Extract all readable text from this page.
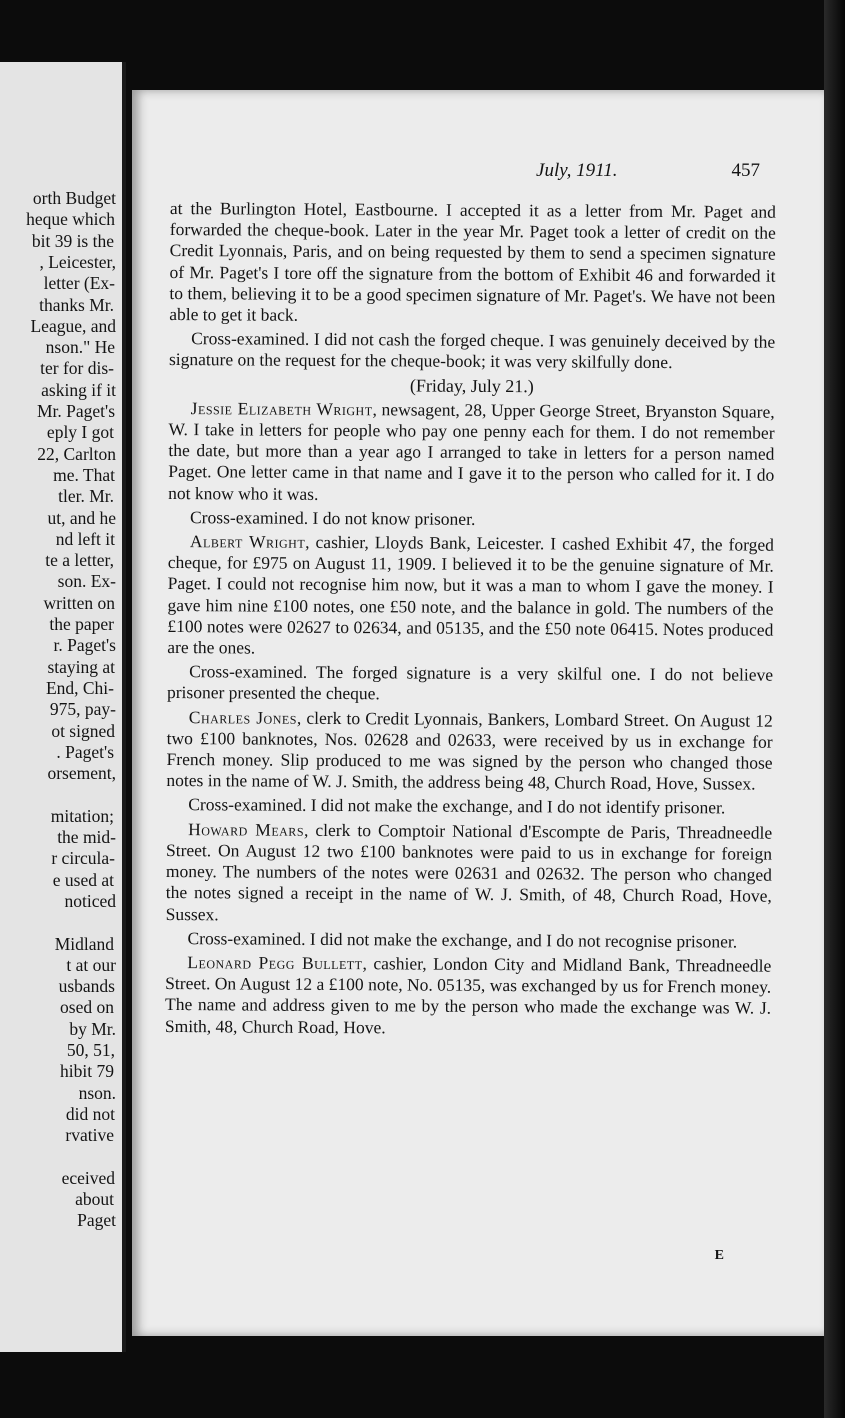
orth Budget
heque which
bit 39 is the
, Leicester,
letter (Ex-
thanks Mr.
League, and
nson." He
ter for dis-
asking if it
Mr. Paget's
eply I got
22, Carlton
me. That
tler. Mr.
ut, and he
nd left it
te a letter,
son. Ex-
written on
the paper
r. Paget's
staying at
End, Chi-
975, pay-
ot signed
. Paget's
orsement,
mitation;
the mid-
r circula-
e used at
noticed
Midland
t at our
usbands
osed on
by Mr.
50, 51,
hibit 79
nson.
did not
rvative
eceived
about
Paget
July, 1911.	457

at the Burlington Hotel, Eastbourne. I accepted it as a letter from Mr. Paget and forwarded the cheque-book. Later in the year Mr. Paget took a letter of credit on the Credit Lyonnais, Paris, and on being requested by them to send a specimen signature of Mr. Paget's I tore off the signature from the bottom of Exhibit 46 and forwarded it to them, believing it to be a good specimen signature of Mr. Paget's. We have not been able to get it back.

Cross-examined. I did not cash the forged cheque. I was genuinely deceived by the signature on the request for the cheque-book; it was very skilfully done.

(Friday, July 21.)

Jessie Elizabeth Wright, newsagent, 28, Upper George Street, Bryanston Square, W. I take in letters for people who pay one penny each for them. I do not remember the date, but more than a year ago I arranged to take in letters for a person named Paget. One letter came in that name and I gave it to the person who called for it. I do not know who it was.

Cross-examined. I do not know prisoner.

Albert Wright, cashier, Lloyds Bank, Leicester. I cashed Exhibit 47, the forged cheque, for £975 on August 11, 1909. I believed it to be the genuine signature of Mr. Paget. I could not recognise him now, but it was a man to whom I gave the money. I gave him nine £100 notes, one £50 note, and the balance in gold. The numbers of the £100 notes were 02627 to 02634, and 05135, and the £50 note 06415. Notes produced are the ones.

Cross-examined. The forged signature is a very skilful one. I do not believe prisoner presented the cheque.

Charles Jones, clerk to Credit Lyonnais, Bankers, Lombard Street. On August 12 two £100 banknotes, Nos. 02628 and 02633, were received by us in exchange for French money. Slip produced to me was signed by the person who changed those notes in the name of W. J. Smith, the address being 48, Church Road, Hove, Sussex.

Cross-examined. I did not make the exchange, and I do not identify prisoner.

Howard Mears, clerk to Comptoir National d'Escompte de Paris, Threadneedle Street. On August 12 two £100 banknotes were paid to us in exchange for foreign money. The numbers of the notes were 02631 and 02632. The person who changed the notes signed a receipt in the name of W. J. Smith, of 48, Church Road, Hove, Sussex.

Cross-examined. I did not make the exchange, and I do not recognise prisoner.

Leonard Pegg Bullett, cashier, London City and Midland Bank, Threadneedle Street. On August 12 a £100 note, No. 05135, was exchanged by us for French money. The name and address given to me by the person who made the exchange was W. J. Smith, 48, Church Road, Hove.

E
